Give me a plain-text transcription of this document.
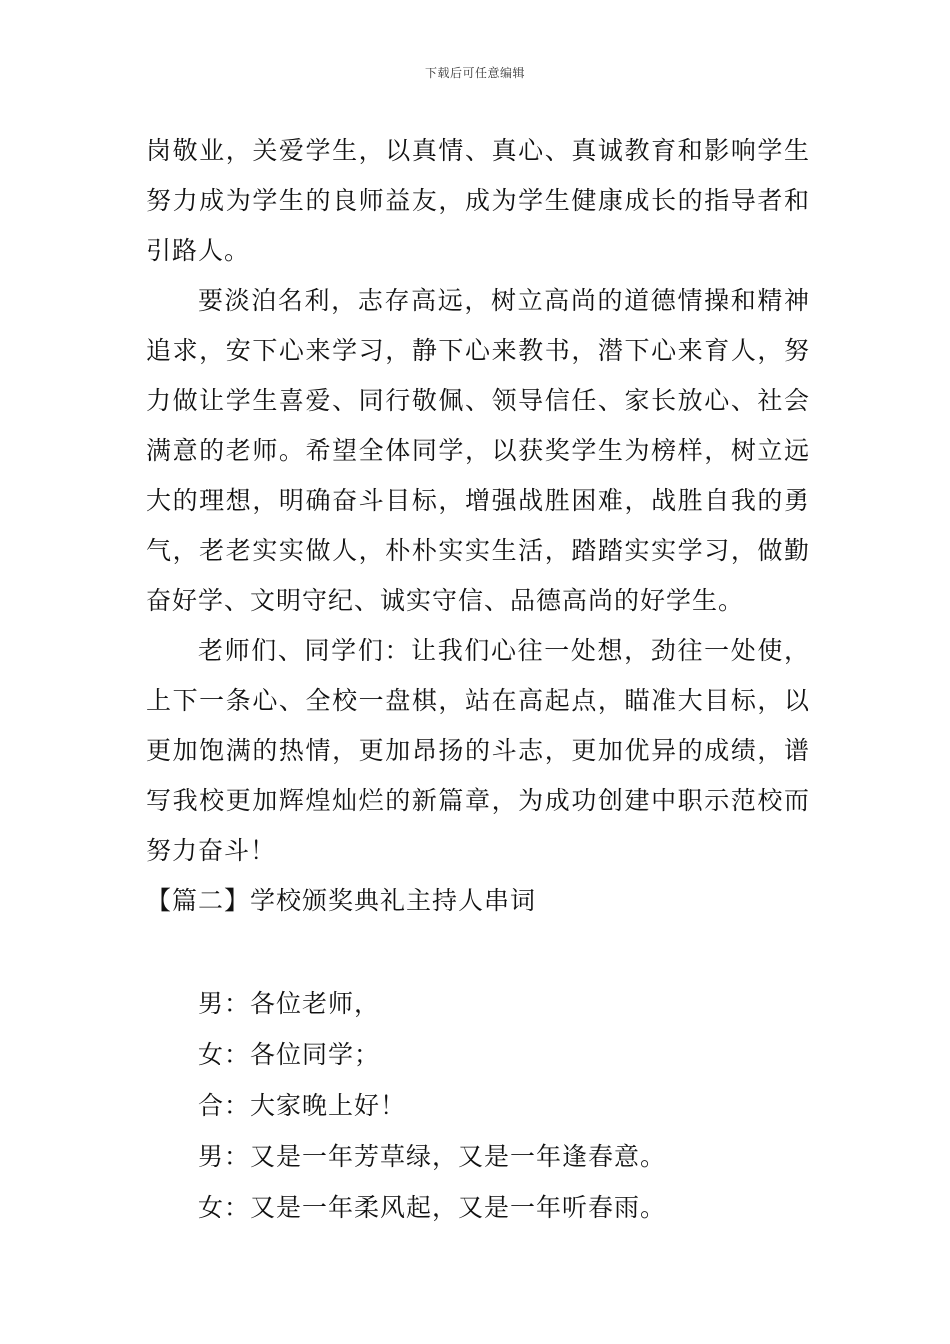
下载后可任意编辑

岗敬业，关爱学生，以真情、真心、真诚教育和影响学生努力成为学生的良师益友，成为学生健康成长的指导者和引路人。

要淡泊名利，志存高远，树立高尚的道德情操和精神追求，安下心来学习，静下心来教书，潜下心来育人，努力做让学生喜爱、同行敬佩、领导信任、家长放心、社会满意的老师。希望全体同学，以获奖学生为榜样，树立远大的理想，明确奋斗目标，增强战胜困难，战胜自我的勇气，老老实实做人，朴朴实实生活，踏踏实实学习，做勤奋好学、文明守纪、诚实守信、品德高尚的好学生。

老师们、同学们：让我们心往一处想，劲往一处使，上下一条心、全校一盘棋，站在高起点，瞄准大目标，以更加饱满的热情，更加昂扬的斗志，更加优异的成绩，谱写我校更加辉煌灿烂的新篇章，为成功创建中职示范校而努力奋斗！

【篇二】学校颁奖典礼主持人串词

男：各位老师，

女：各位同学；

合：大家晚上好！

男：又是一年芳草绿，又是一年逢春意。

女：又是一年柔风起，又是一年听春雨。
